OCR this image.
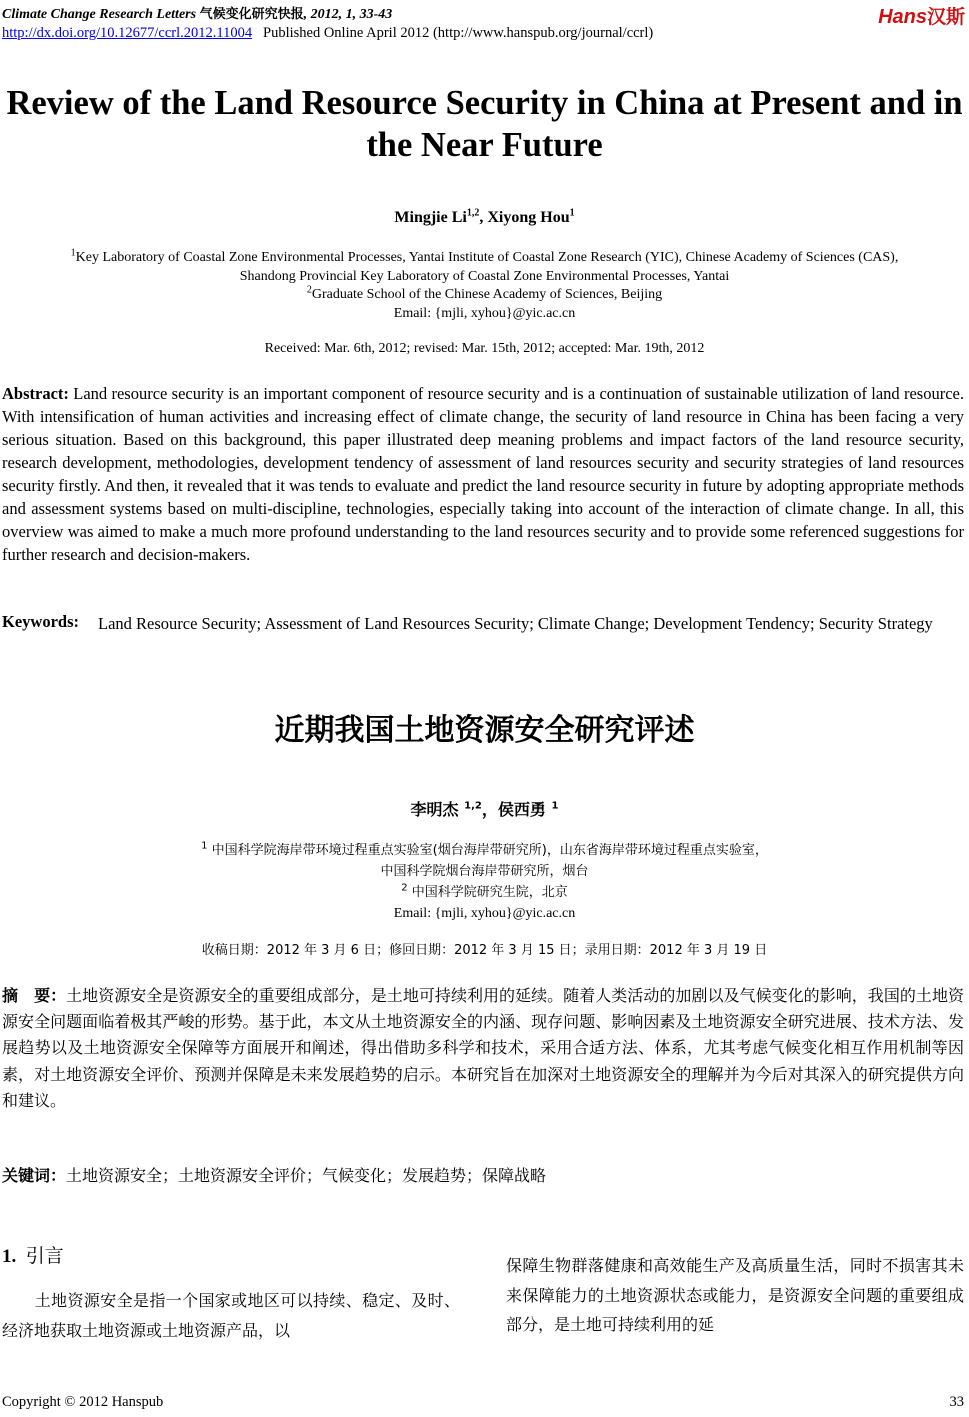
Climate Change Research Letters 气候变化研究快报, 2012, 1, 33-43
http://dx.doi.org/10.12677/ccrl.2012.11004 Published Online April 2012 (http://www.hanspub.org/journal/ccrl)
Hans汉斯
Review of the Land Resource Security in China at Present and in the Near Future
Mingjie Li$^{1,2}$, Xiyong Hou$^1$
$^1$Key Laboratory of Coastal Zone Environmental Processes, Yantai Institute of Coastal Zone Research (YIC), Chinese Academy of Sciences (CAS),
Shandong Provincial Key Laboratory of Coastal Zone Environmental Processes, Yantai
$^2$Graduate School of the Chinese Academy of Sciences, Beijing
Email: {mjli, xyhou}@yic.ac.cn
Received: Mar. 6th, 2012; revised: Mar. 15th, 2012; accepted: Mar. 19th, 2012
Abstract: Land resource security is an important component of resource security and is a continuation of sustainable utilization of land resource. With intensification of human activities and increasing effect of climate change, the security of land resource in China has been facing a very serious situation. Based on this background, this paper illustrated deep meaning problems and impact factors of the land resource security, research development, methodologies, development tendency of assessment of land resources security and security strategies of land resources security firstly. And then, it revealed that it was tends to evaluate and predict the land resource security in future by adopting appropriate methods and assessment systems based on multi-discipline, technologies, especially taking into account of the interaction of climate change. In all, this overview was aimed to make a much more profound understanding to the land resources security and to provide some referenced suggestions for further research and decision-makers.
Keywords: Land Resource Security; Assessment of Land Resources Security; Climate Change; Development Tendency; Security Strategy
近期我国土地资源安全研究评述
李明杰 $^{1,2}$，侯西勇 $^1$
$^1$ 中国科学院海岸带环境过程重点实验室(烟台海岸带研究所)，山东省海岸带环境过程重点实验室，
中国科学院烟台海岸带研究所，烟台
$^2$ 中国科学院研究生院，北京
Email: {mjli, xyhou}@yic.ac.cn
收稿日期：2012 年 3 月 6 日；修回日期：2012 年 3 月 15 日；录用日期：2012 年 3 月 19 日
摘　要：土地资源安全是资源安全的重要组成部分，是土地可持续利用的延续。随着人类活动的加剧以及气候变化的影响，我国的土地资源安全问题面临着极其严峻的形势。基于此，本文从土地资源安全的内涵、现存问题、影响因素及土地资源安全研究进展、技术方法、发展趋势以及土地资源安全保障等方面展开和阐述，得出借助多科学和技术，采用合适方法、体系，尤其考虑气候变化相互作用机制等因素，对土地资源安全评价、预测并保障是未来发展趋势的启示。本研究旨在加深对土地资源安全的理解并为今后对其深入的研究提供方向和建议。
关键词：土地资源安全；土地资源安全评价；气候变化；发展趋势；保障战略
1. 引言
　　土地资源安全是指一个国家或地区可以持续、稳定、及时、经济地获取土地资源或土地资源产品，以
保障生物群落健康和高效能生产及高质量生活，同时不损害其未来保障能力的土地资源状态或能力，是资源安全问题的重要组成部分，是土地可持续利用的延
Copyright © 2012 Hanspub	33
